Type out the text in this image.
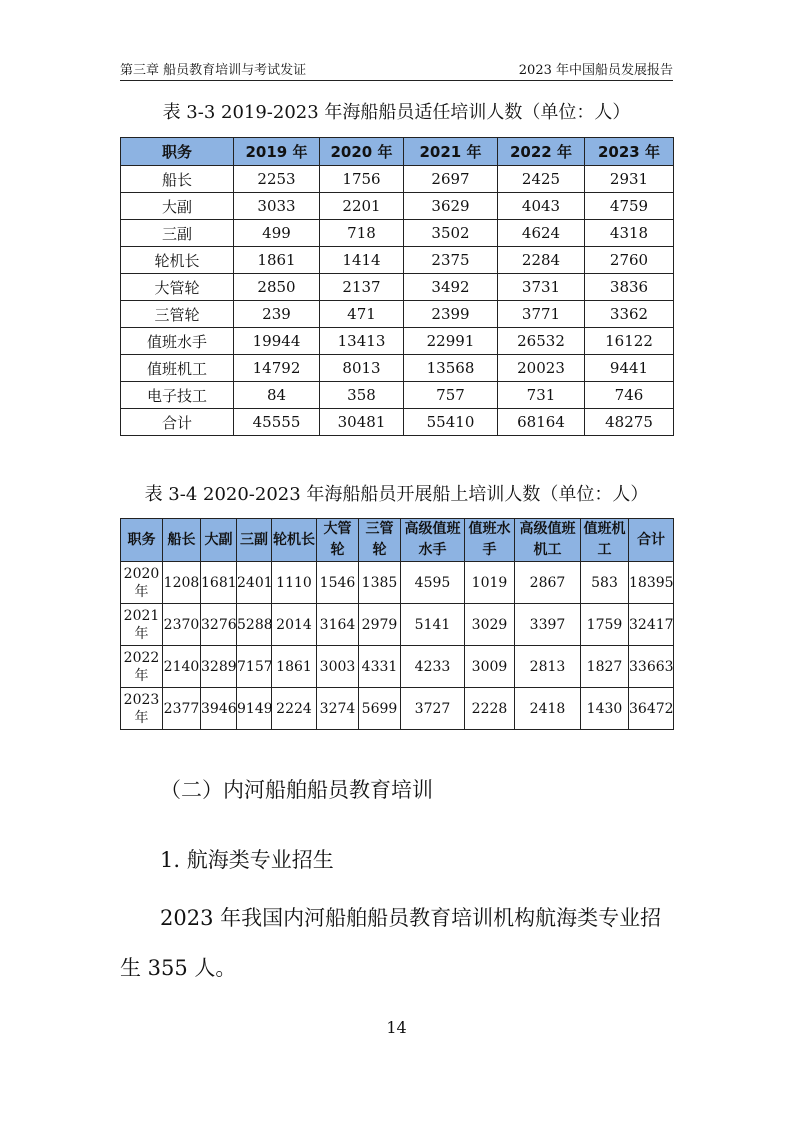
第三章 船员教育培训与考试发证	2023 年中国船员发展报告
表 3-3 2019-2023 年海船船员适任培训人数（单位：人）
职务	2019 年	2020 年	2021 年	2022 年	2023 年
船长	2253	1756	2697	2425	2931
大副	3033	2201	3629	4043	4759
三副	499	718	3502	4624	4318
轮机长	1861	1414	2375	2284	2760
大管轮	2850	2137	3492	3731	3836
三管轮	239	471	2399	3771	3362
值班水手	19944	13413	22991	26532	16122
值班机工	14792	8013	13568	20023	9441
电子技工	84	358	757	731	746
合计	45555	30481	55410	68164	48275
表 3-4 2020-2023 年海船船员开展船上培训人数（单位：人）
职务	船长	大副	三副	轮机长	大管轮	三管轮	高级值班水手	值班水手	高级值班机工	值班机工	合计
2020 年	1208	1681	2401	1110	1546	1385	4595	1019	2867	583	18395
2021 年	2370	3276	5288	2014	3164	2979	5141	3029	3397	1759	32417
2022 年	2140	3289	7157	1861	3003	4331	4233	3009	2813	1827	33663
2023 年	2377	3946	9149	2224	3274	5699	3727	2228	2418	1430	36472
（二）内河船舶船员教育培训
1. 航海类专业招生
2023 年我国内河船舶船员教育培训机构航海类专业招生 355 人。
14
